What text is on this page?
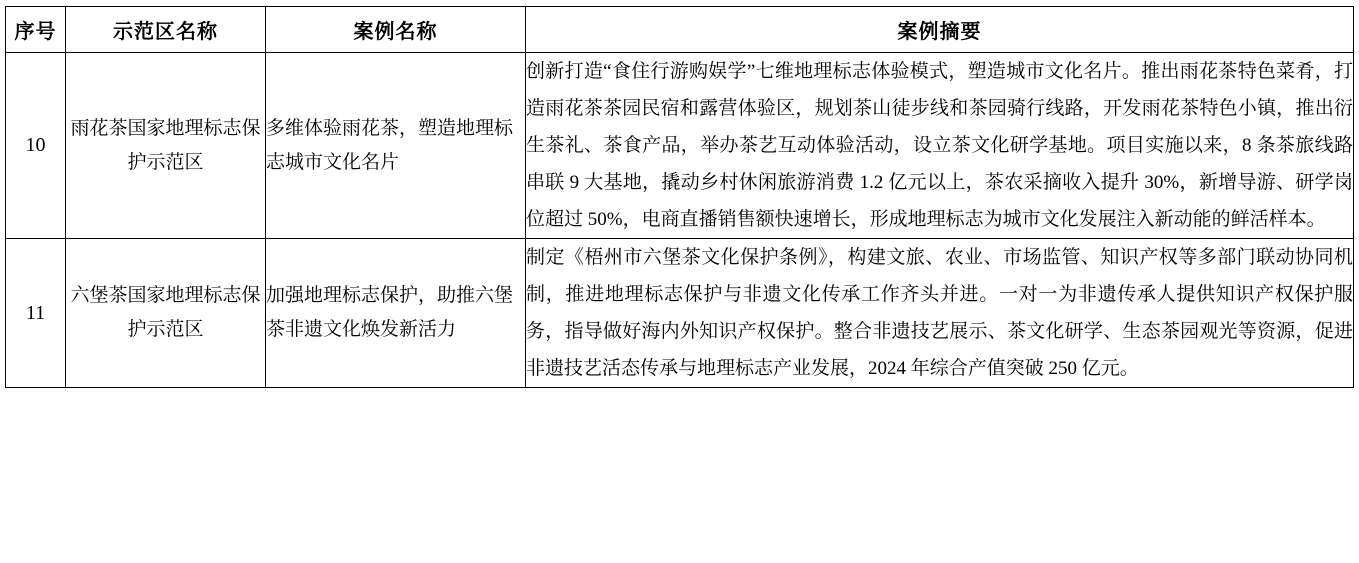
序号	示范区名称	案例名称	案例摘要
10	雨花茶国家地理标志保护示范区	多维体验雨花茶，塑造地理标志城市文化名片	创新打造“食住行游购娱学”七维地理标志体验模式，塑造城市文化名片。推出雨花茶特色菜肴，打造雨花茶茶园民宿和露营体验区，规划茶山徒步线和茶园骑行线路，开发雨花茶特色小镇，推出衍生茶礼、茶食产品，举办茶艺互动体验活动，设立茶文化研学基地。项目实施以来，8 条茶旅线路串联 9 大基地，撬动乡村休闲旅游消费 1.2 亿元以上，茶农采摘收入提升 30%，新增导游、研学岗位超过 50%，电商直播销售额快速增长，形成地理标志为城市文化发展注入新动能的鲜活样本。

11	六堡茶国家地理标志保护示范区	加强地理标志保护，助推六堡茶非遗文化焕发新活力	制定《梧州市六堡茶文化保护条例》，构建文旅、农业、市场监管、知识产权等多部门联动协同机制，推进地理标志保护与非遗文化传承工作齐头并进。一对一为非遗传承人提供知识产权保护服务，指导做好海内外知识产权保护。整合非遗技艺展示、茶文化研学、生态茶园观光等资源，促进非遗技艺活态传承与地理标志产业发展，2024 年综合产值突破 250 亿元。
